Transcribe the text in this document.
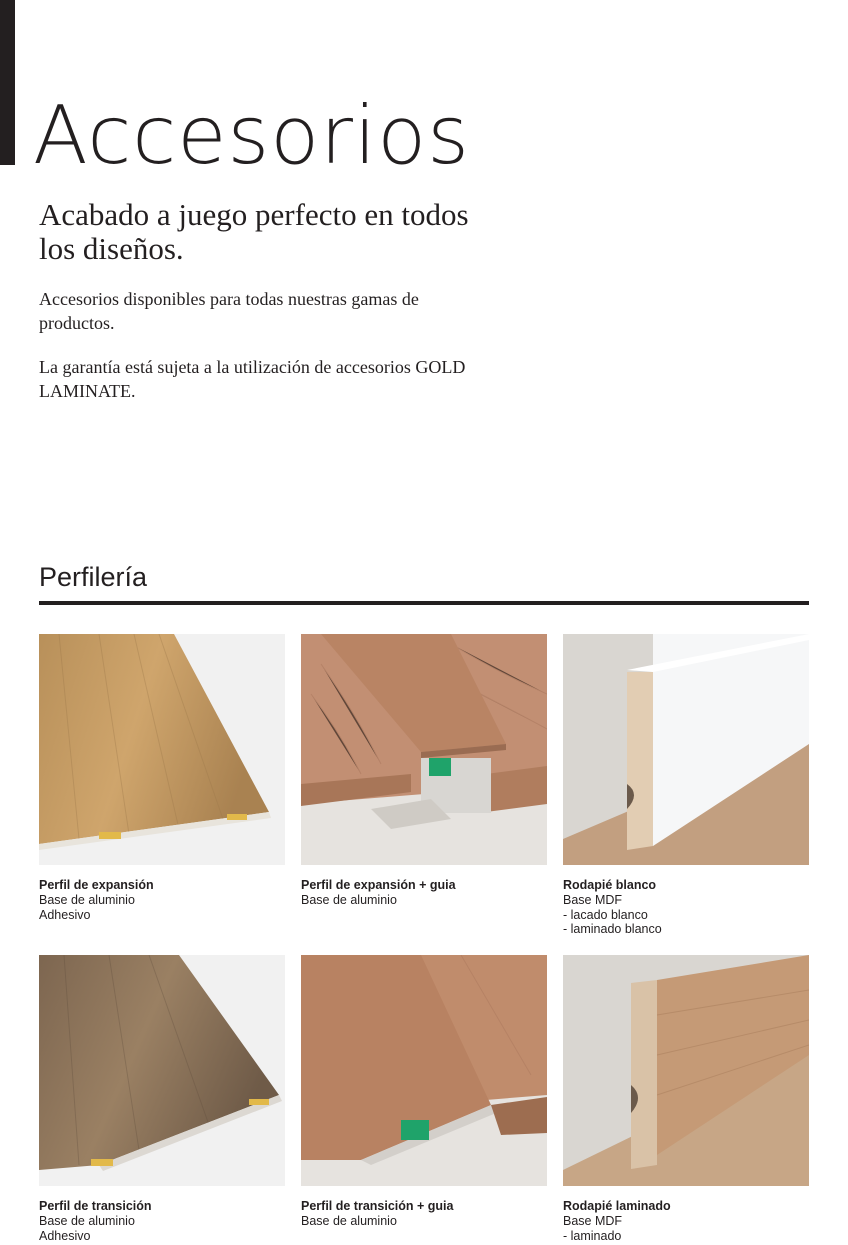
Accesorios
Acabado a juego perfecto en todos los diseños.

Accesorios disponibles para todas nuestras gamas de productos.

La garantía está sujeta a la utilización de accesorios GOLD LAMINATE.

Perfilería
Perfil de expansión
Base de aluminio
Adhesivo
Perfil de expansión + guia
Base de aluminio
Rodapié blanco
Base MDF
- lacado blanco
- laminado blanco
Perfil de transición
Base de aluminio
Adhesivo
Perfil de transición + guia
Base de aluminio
Rodapié laminado
Base MDF
- laminado
